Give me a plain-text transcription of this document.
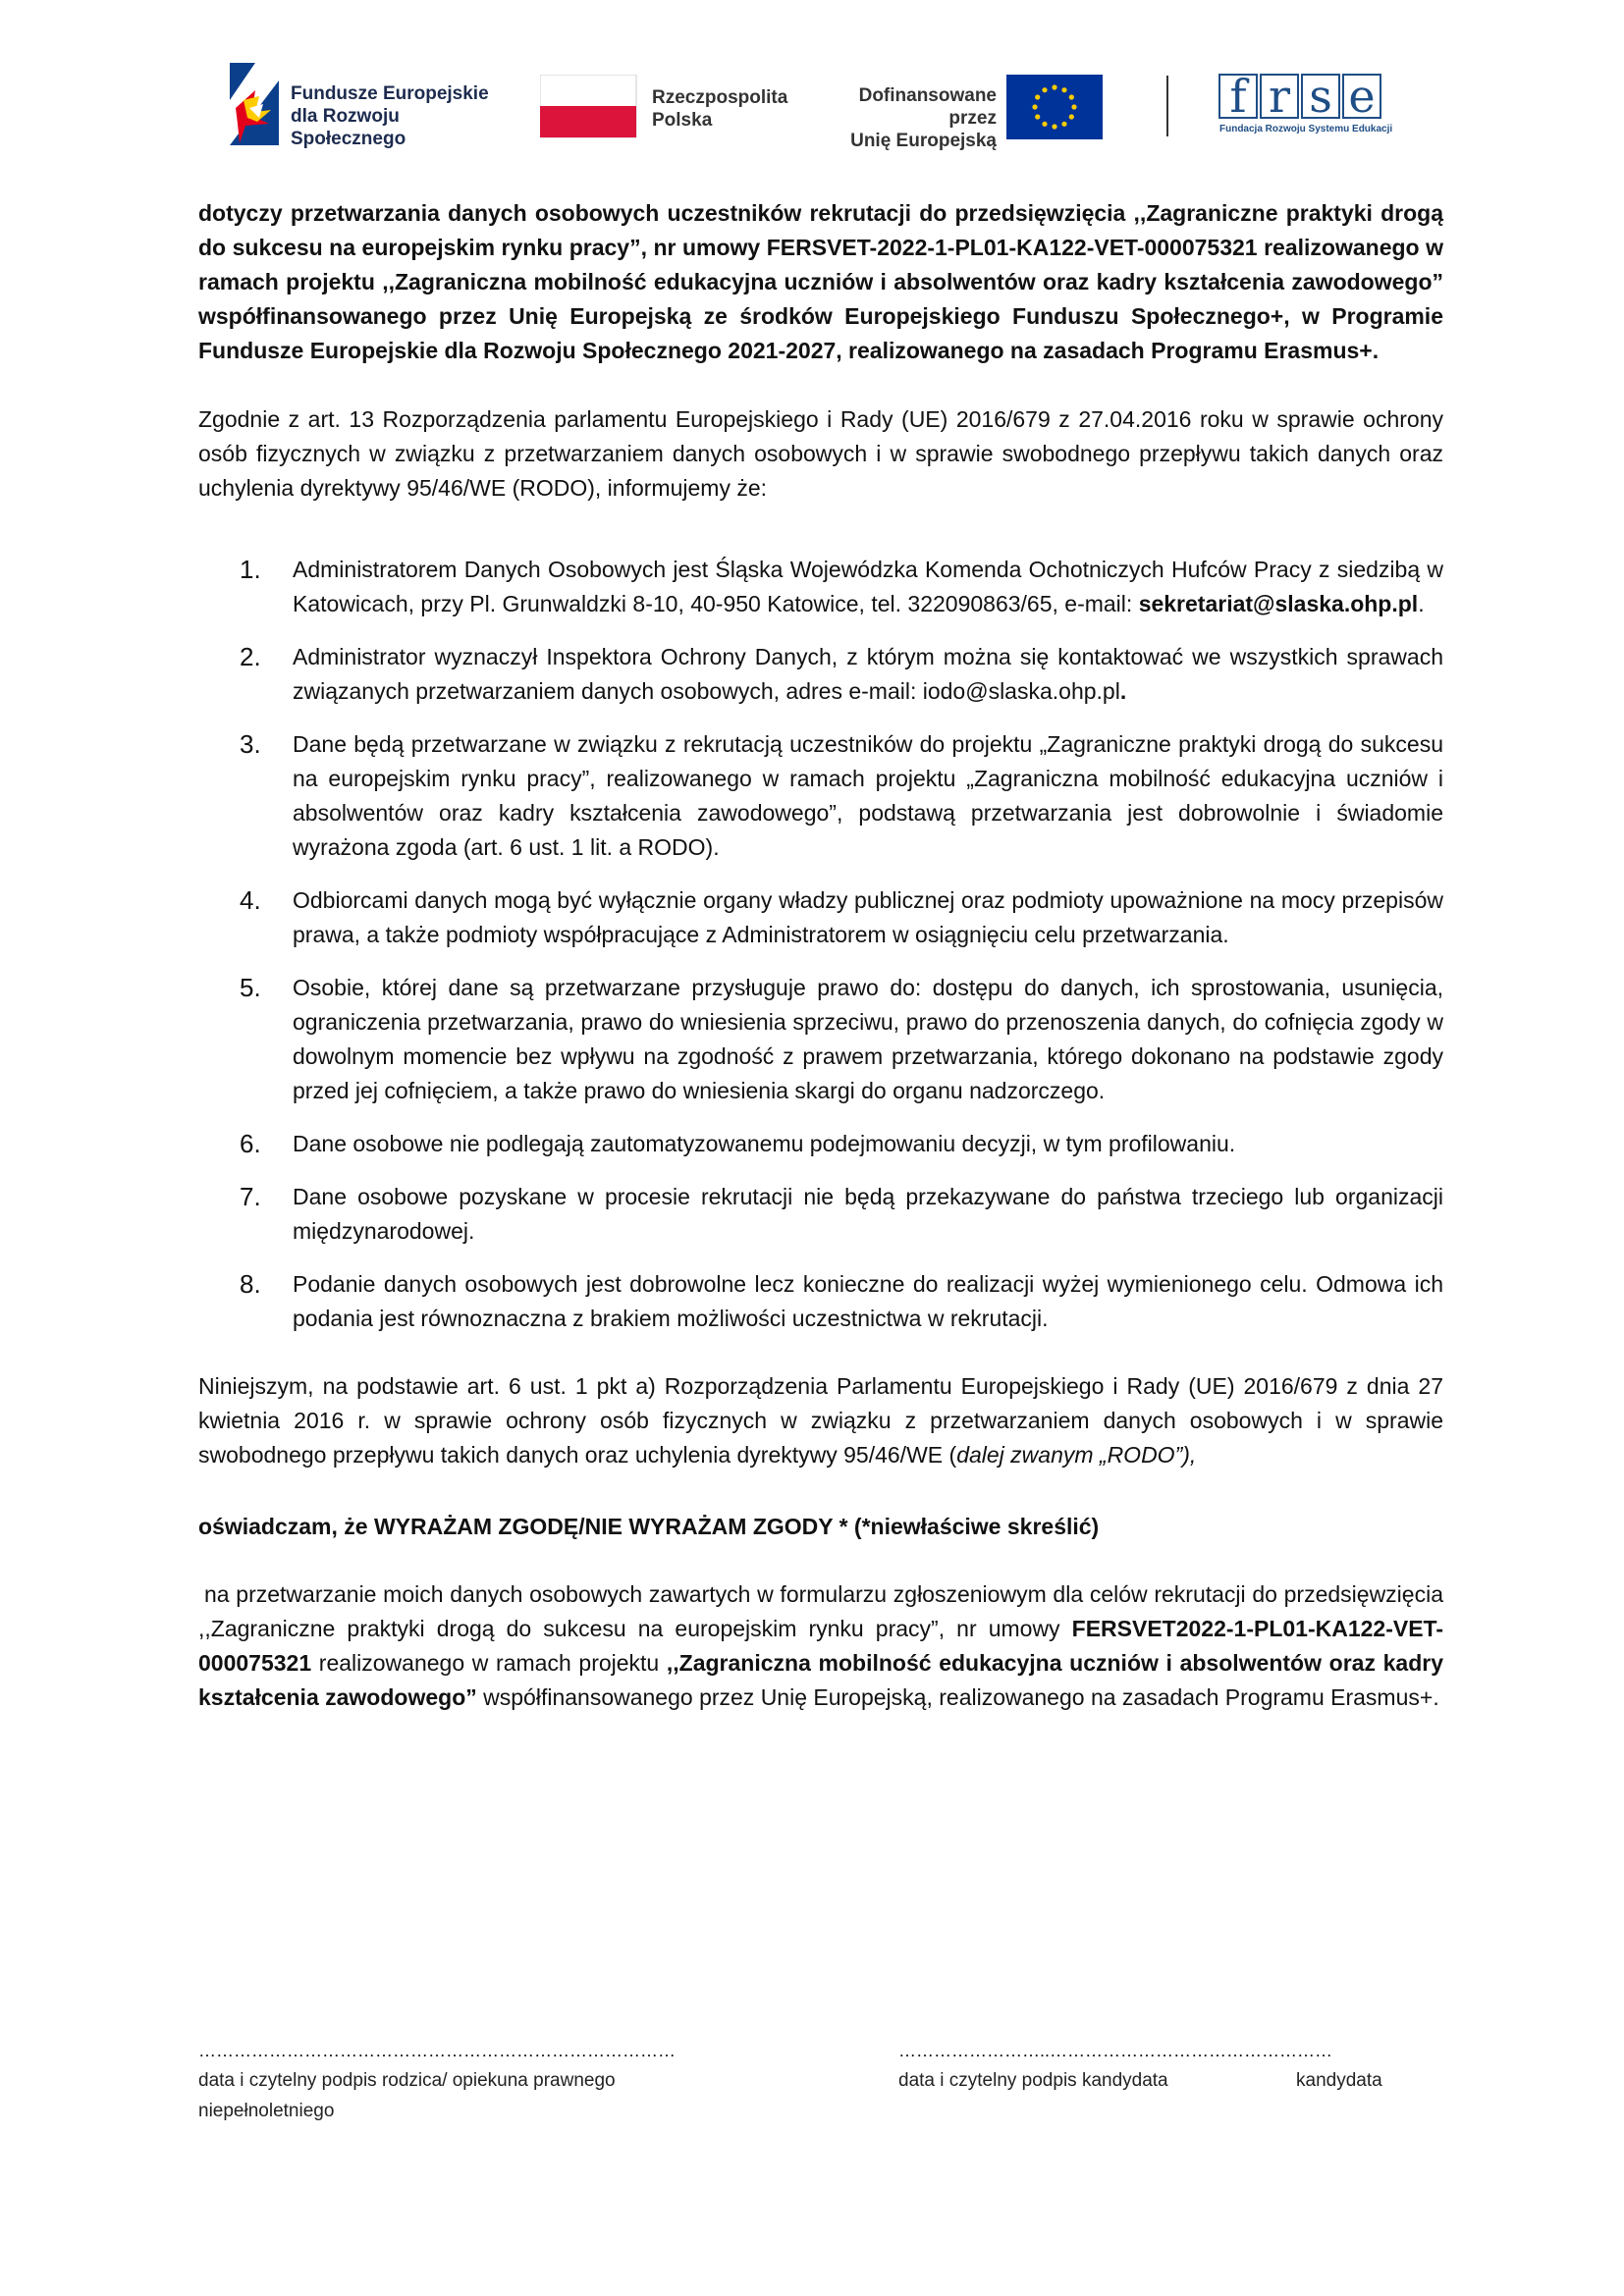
Fundusze Europejskie
dla Rozwoju Społecznego
Rzeczpospolita
Polska
Dofinansowane przez
Unię Europejską
f r s e
Fundacja Rozwoju Systemu Edukacji

dotyczy przetwarzania danych osobowych uczestników rekrutacji do przedsięwzięcia ,,Zagraniczne praktyki drogą do sukcesu na europejskim rynku pracy”, nr umowy FERSVET-2022-1-PL01-KA122-VET-000075321 realizowanego w ramach projektu ,,Zagraniczna mobilność edukacyjna uczniów i absolwentów oraz kadry kształcenia zawodowego” współfinansowanego przez Unię Europejską ze środków Europejskiego Funduszu Społecznego+, w Programie Fundusze Europejskie dla Rozwoju Społecznego 2021-2027, realizowanego na zasadach Programu Erasmus+.

Zgodnie z art. 13 Rozporządzenia parlamentu Europejskiego i Rady (UE) 2016/679 z 27.04.2016 roku w sprawie ochrony osób fizycznych w związku z przetwarzaniem danych osobowych i w sprawie swobodnego przepływu takich danych oraz uchylenia dyrektywy 95/46/WE (RODO), informujemy że:

1. Administratorem Danych Osobowych jest Śląska Wojewódzka Komenda Ochotniczych Hufców Pracy z siedzibą w Katowicach, przy Pl. Grunwaldzki 8-10, 40-950 Katowice, tel. 322090863/65, e-mail: sekretariat@slaska.ohp.pl.

2. Administrator wyznaczył Inspektora Ochrony Danych, z którym można się kontaktować we wszystkich sprawach związanych przetwarzaniem danych osobowych, adres e-mail: iodo@slaska.ohp.pl.

3. Dane będą przetwarzane w związku z rekrutacją uczestników do projektu „Zagraniczne praktyki drogą do sukcesu na europejskim rynku pracy”, realizowanego w ramach projektu „Zagraniczna mobilność edukacyjna uczniów i absolwentów oraz kadry kształcenia zawodowego”, podstawą przetwarzania jest dobrowolnie i świadomie wyrażona zgoda (art. 6 ust. 1 lit. a RODO).

4. Odbiorcami danych mogą być wyłącznie organy władzy publicznej oraz podmioty upoważnione na mocy przepisów prawa, a także podmioty współpracujące z Administratorem w osiągnięciu celu przetwarzania.

5. Osobie, której dane są przetwarzane przysługuje prawo do: dostępu do danych, ich sprostowania, usunięcia, ograniczenia przetwarzania, prawo do wniesienia sprzeciwu, prawo do przenoszenia danych, do cofnięcia zgody w dowolnym momencie bez wpływu na zgodność z prawem przetwarzania, którego dokonano na podstawie zgody przed jej cofnięciem, a także prawo do wniesienia skargi do organu nadzorczego.

6. Dane osobowe nie podlegają zautomatyzowanemu podejmowaniu decyzji, w tym profilowaniu.

7. Dane osobowe pozyskane w procesie rekrutacji nie będą przekazywane do państwa trzeciego lub organizacji międzynarodowej.

8. Podanie danych osobowych jest dobrowolne lecz konieczne do realizacji wyżej wymienionego celu. Odmowa ich podania jest równoznaczna z brakiem możliwości uczestnictwa w rekrutacji.

Niniejszym, na podstawie art. 6 ust. 1 pkt a) Rozporządzenia Parlamentu Europejskiego i Rady (UE) 2016/679 z dnia 27 kwietnia 2016 r. w sprawie ochrony osób fizycznych w związku z przetwarzaniem danych osobowych i w sprawie swobodnego przepływu takich danych oraz uchylenia dyrektywy 95/46/WE (dalej zwanym „RODO”),

oświadczam, że WYRAŻAM ZGODĘ/NIE WYRAŻAM ZGODY * (*niewłaściwe skreślić)

na przetwarzanie moich danych osobowych zawartych w formularzu zgłoszeniowym dla celów rekrutacji do przedsięwzięcia ,,Zagraniczne praktyki drogą do sukcesu na europejskim rynku pracy”, nr umowy FERSVET2022-1-PL01-KA122-VET-000075321 realizowanego w ramach projektu ,,Zagraniczna mobilność edukacyjna uczniów i absolwentów oraz kadry kształcenia zawodowego” współfinansowanego przez Unię Europejską, realizowanego na zasadach Programu Erasmus+.

………………………………………………………………………
data i czytelny podpis rodzica/ opiekuna prawnego niepełnoletniego
……………………..…………………………………………
data i czytelny podpis kandydata	kandydata
